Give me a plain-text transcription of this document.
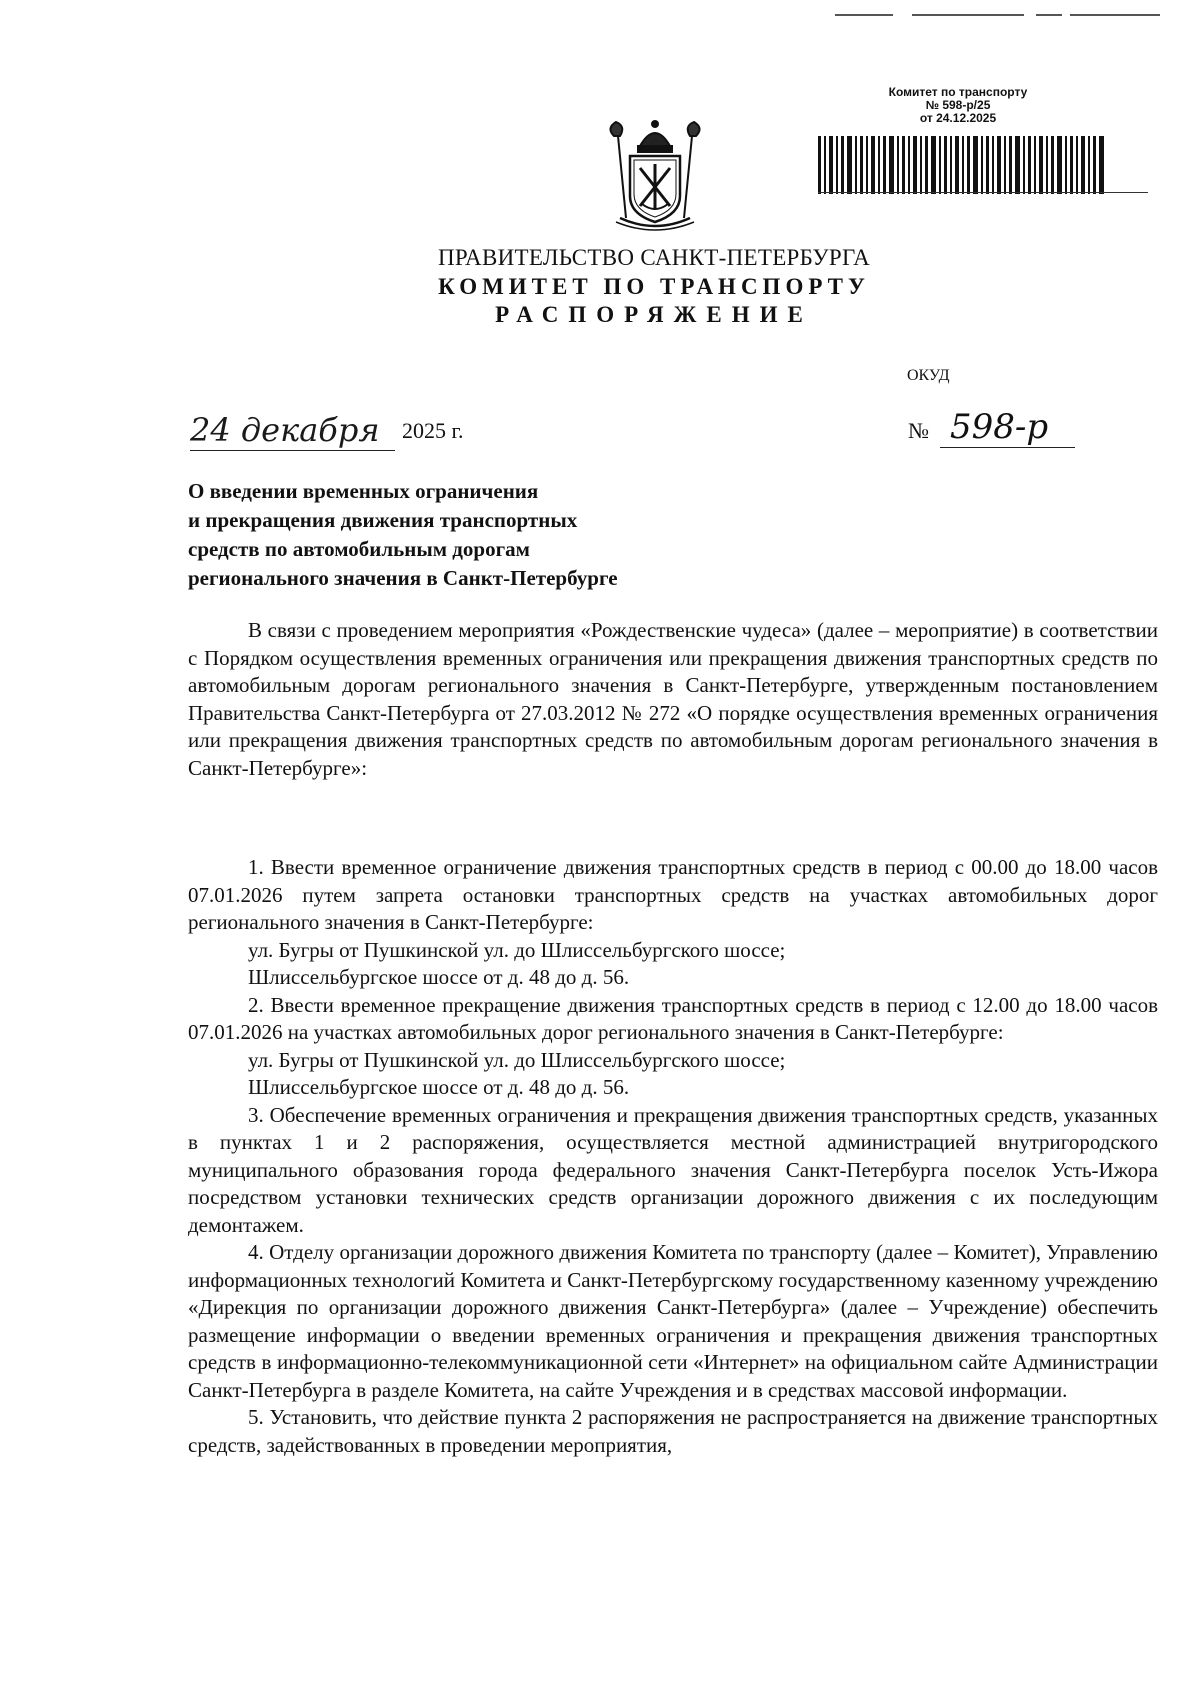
Комитет по транспорту
№ 598-р/25
от 24.12.2025
ПРАВИТЕЛЬСТВО САНКТ-ПЕТЕРБУРГА
КОМИТЕТ ПО ТРАНСПОРТУ
РАСПОРЯЖЕНИЕ
ОКУД
24 декабря	2025 г.	№ 598-р
О введении временных ограничения
и прекращения движения транспортных
средств по автомобильным дорогам
регионального значения в Санкт-Петербурге

В связи с проведением мероприятия «Рождественские чудеса» (далее – мероприятие) в соответствии с Порядком осуществления временных ограничения или прекращения движения транспортных средств по автомобильным дорогам регионального значения в Санкт-Петербурге, утвержденным постановлением Правительства Санкт-Петербурга от 27.03.2012 № 272 «О порядке осуществления временных ограничения или прекращения движения транспортных средств по автомобильным дорогам регионального значения в Санкт-Петербурге»:

1. Ввести временное ограничение движения транспортных средств в период с 00.00 до 18.00 часов 07.01.2026 путем запрета остановки транспортных средств на участках автомобильных дорог регионального значения в Санкт-Петербурге:

ул. Бугры от Пушкинской ул. до Шлиссельбургского шоссе;

Шлиссельбургское шоссе от д. 48 до д. 56.

2. Ввести временное прекращение движения транспортных средств в период с 12.00 до 18.00 часов 07.01.2026 на участках автомобильных дорог регионального значения в Санкт-Петербурге:

ул. Бугры от Пушкинской ул. до Шлиссельбургского шоссе;

Шлиссельбургское шоссе от д. 48 до д. 56.

3. Обеспечение временных ограничения и прекращения движения транспортных средств, указанных в пунктах 1 и 2 распоряжения, осуществляется местной администрацией внутригородского муниципального образования города федерального значения Санкт-Петербурга поселок Усть-Ижора посредством установки технических средств организации дорожного движения с их последующим демонтажем.

4. Отделу организации дорожного движения Комитета по транспорту (далее – Комитет), Управлению информационных технологий Комитета и Санкт-Петербургскому государственному казенному учреждению «Дирекция по организации дорожного движения Санкт-Петербурга» (далее – Учреждение) обеспечить размещение информации о введении временных ограничения и прекращения движения транспортных средств в информационно-телекоммуникационной сети «Интернет» на официальном сайте Администрации Санкт-Петербурга в разделе Комитета, на сайте Учреждения и в средствах массовой информации.

5. Установить, что действие пункта 2 распоряжения не распространяется на движение транспортных средств, задействованных в проведении мероприятия,
